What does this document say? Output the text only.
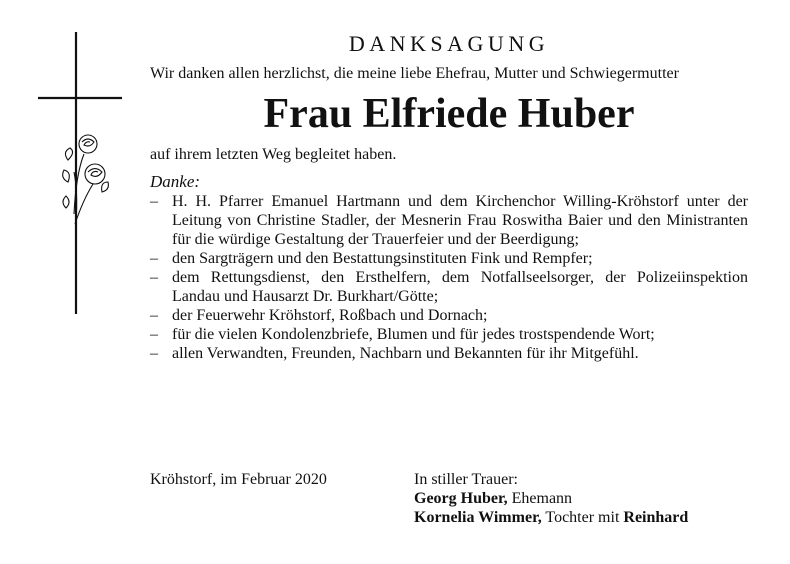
DANKSAGUNG

Wir danken allen herzlichst, die meine liebe Ehefrau, Mutter und Schwiegermutter

Frau Elfriede Huber

auf ihrem letzten Weg begleitet haben.

Danke:

– H. H. Pfarrer Emanuel Hartmann und dem Kirchenchor Willing-Kröhstorf unter der Leitung von Christine Stadler, der Mesnerin Frau Roswitha Baier und den Ministranten für die würdige Gestaltung der Trauerfeier und der Beerdigung;
– den Sargträgern und den Bestattungsinstituten Fink und Rempfer;
– dem Rettungsdienst, den Ersthelfern, dem Notfallseelsorger, der Polizeiinspektion Landau und Hausarzt Dr. Burkhart/Götte;
– der Feuerwehr Kröhstorf, Roßbach und Dornach;
– für die vielen Kondolenzbriefe, Blumen und für jedes trostspendende Wort;
– allen Verwandten, Freunden, Nachbarn und Bekannten für ihr Mitgefühl.
Kröhstorf, im Februar 2020	In stiller Trauer:
Georg Huber, Ehemann
Kornelia Wimmer, Tochter mit Reinhard
